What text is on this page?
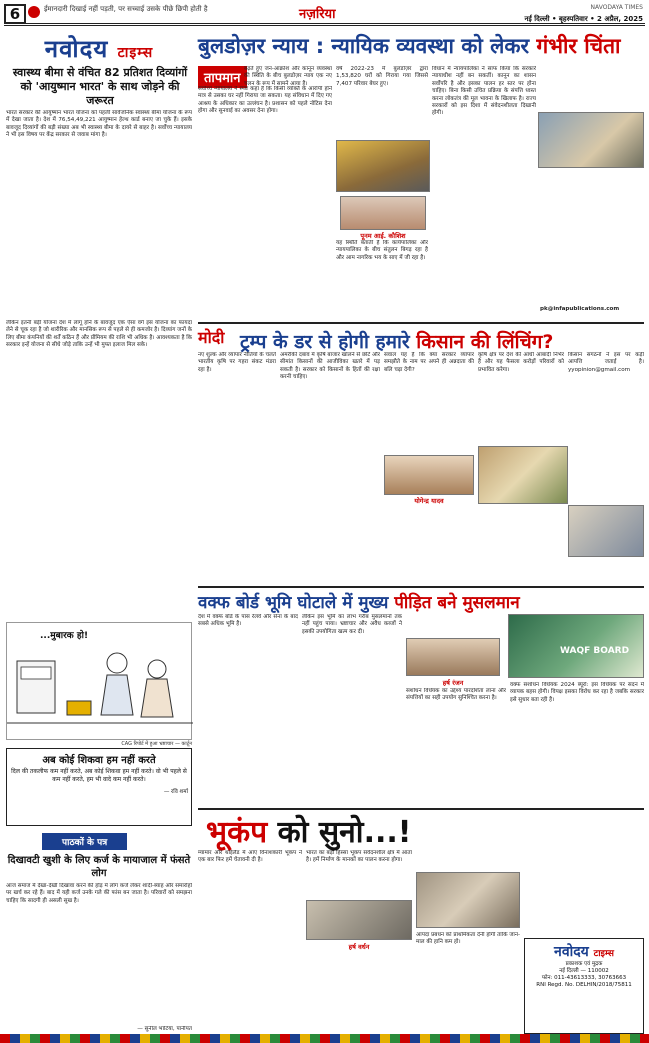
6	ईमानदारी दिखाई नहीं पड़ती, पर सच्चाई उसके पीछे छिपी होती है	नज़रिया	NAVODAYA TIMES
नई दिल्ली • बृहस्पतिवार • 2 अप्रैल, 2025
नवोदय टाइम्स
स्वास्थ्य बीमा से वंचित 82 प्रतिशत दिव्यांगों को 'आयुष्मान भारत' के साथ जोड़ने की जरूरत
भारत सरकार की आयुष्मान भारत योजना को पहली सार्वजनिक स्वास्थ्य बीमा योजना के रूप में देखा जाता है। देश में 76,54,49,221 आयुष्मान हेल्थ कार्ड बनाए जा चुके हैं। इसके बावजूद दिव्यांगों की बड़ी संख्या अब भी स्वास्थ्य बीमा के दायरे से बाहर है। सर्वोच्च न्यायालय ने भी इस विषय पर केंद्र सरकार से जवाब मांगा है।
लेकिन इतनी बड़ी योजना देश में लागू होने के बावजूद एक ऐसा वर्ग इस योजना का फायदा लेने से चूक रहा है जो शारीरिक और मानसिक रूप से पहले से ही कमजोर है। दिव्यांग जनों के लिए बीमा कंपनियों की शर्तें कठिन हैं और प्रीमियम की राशि भी अधिक है। आवश्यकता है कि सरकार इन्हें योजना से सीधे जोड़े ताकि उन्हें भी मुफ्त इलाज मिल सके।
...मुबारक हो!
CAG रिपोर्ट में हुआ भ्रष्टाचार — कार्टून
अब कोई शिकवा हम नहीं करते

दिल की तकलीफ कम नहीं करते, अब कोई शिकवा हम नहीं करते। वो भी पहले से कम नहीं करते, हम भी वादे कम नहीं करते।

— रवि शर्मा
पाठकों के पत्र
दिखावटी खुशी के लिए कर्ज के मायाजाल में फंसते लोग
आज समाज में देखा-देखी दिखावा करने की होड़ में लोग कर्ज लेकर शादी-ब्याह और समारोहों पर खर्च कर रहे हैं। बाद में यही कर्ज उनके गले की फांस बन जाता है। परिवारों को समझना चाहिए कि सादगी ही असली सुख है।
— सुनील भाटिया, पानीपत
बुलडोज़र न्याय : न्यायिक व्यवस्था को लेकर गंभीर चिंता
तापमान
बढ़ते हुए जन-आक्रोश और कानून व्यवस्था की स्थिति के बीच बुलडोज़र न्याय एक नए चलन के रूप में सामने आया है।
सर्वोच्च न्यायालय ने स्पष्ट कहा है कि किसी व्यक्ति के आरोपी होने मात्र से उसका घर नहीं गिराया जा सकता। यह संविधान में दिए गए आश्रय के अधिकार का उल्लंघन है। प्रशासन को पहले नोटिस देना होगा और सुनवाई का अवसर देना होगा।
वर्ष 2022-23 में बुलडोज़र द्वारा 1,53,820 घरों को गिराया गया जिससे 7,407 परिवार बेघर हुए।
पूनम आई. कौशिश
यह स्थिति बताती है कि कार्यपालिका और न्यायपालिका के बीच संतुलन बिगड़ रहा है और आम नागरिक भय के साए में जी रहा है।
विधान में न्यायपालिका ने साफ किया कि सरकारें न्यायाधीश नहीं बन सकतीं। कानून का शासन सर्वोपरि है और इसका पालन हर स्तर पर होना चाहिए। बिना किसी उचित प्रक्रिया के संपत्ति ध्वस्त करना लोकतंत्र की मूल भावना के खिलाफ है। राज्य सरकारों को इस दिशा में संवेदनशीलता दिखानी होगी।
pk@infapublications.com
मोदी ट्रम्प के डर से होगी हमारे किसान की लिंचिंग?
नए शुल्क और व्यापार नीतियों के चलते भारतीय कृषि पर गहरा संकट मंडरा रहा है।
अमरीकी दबाव में कृषि बाजार खोलने से छोटे और सीमांत किसानों की आजीविका खतरे में पड़ सकती है। सरकार को किसानों के हितों की रक्षा करनी चाहिए।
सवाल यह है कि क्या सरकार व्यापार समझौते के नाम पर अपने ही अन्नदाता की बलि चढ़ा देगी?
योगेन्द्र यादव
कृषि क्षेत्र पर देश की आधी आबादी निर्भर है और यह फैसला करोड़ों परिवारों को प्रभावित करेगा।
किसान संगठनों ने इस पर कड़ी आपत्ति जताई है। yyopinion@gmail.com
वक्फ बोर्ड भूमि घोटाले में मुख्य पीड़ित बने मुसलमान
देश में वक्फ बोर्ड के पास रेलवे और सेना के बाद सबसे अधिक भूमि है।
लेकिन इस भूमि का लाभ गरीब मुसलमानों तक नहीं पहुंच पाया। भ्रष्टाचार और अवैध कब्जों ने इसकी उपयोगिता खत्म कर दी।
हर्ष रंजन
संशोधन विधेयक का उद्देश्य पारदर्शिता लाना और संपत्तियों का सही उपयोग सुनिश्चित करना है।
WAQF BOARD
वक्फ संशोधन विधेयक 2024 ब्यूरो: इस विधेयक पर सदन में व्यापक बहस होगी। विपक्ष इसका विरोध कर रहा है जबकि सरकार इसे सुधार बता रही है।
भूकंप को सुनो...!
म्यांमार और थाईलैंड में आए विनाशकारी भूकंप ने एक बार फिर हमें चेतावनी दी है।
भारत का बड़ा हिस्सा भूकंप संवेदनशील क्षेत्र में आता है। हमें निर्माण के मानकों का पालन करना होगा।
हर्ष वर्धन
आपदा प्रबंधन को प्राथमिकता देनी होगी ताकि जान-माल की हानि कम हो।
नवोदय टाइम्स
प्रकाशक एवं मुद्रक
नई दिल्ली — 110002
फोन: 011-43613333, 30763663
RNI Regd. No. DELHIN/2018/75811
